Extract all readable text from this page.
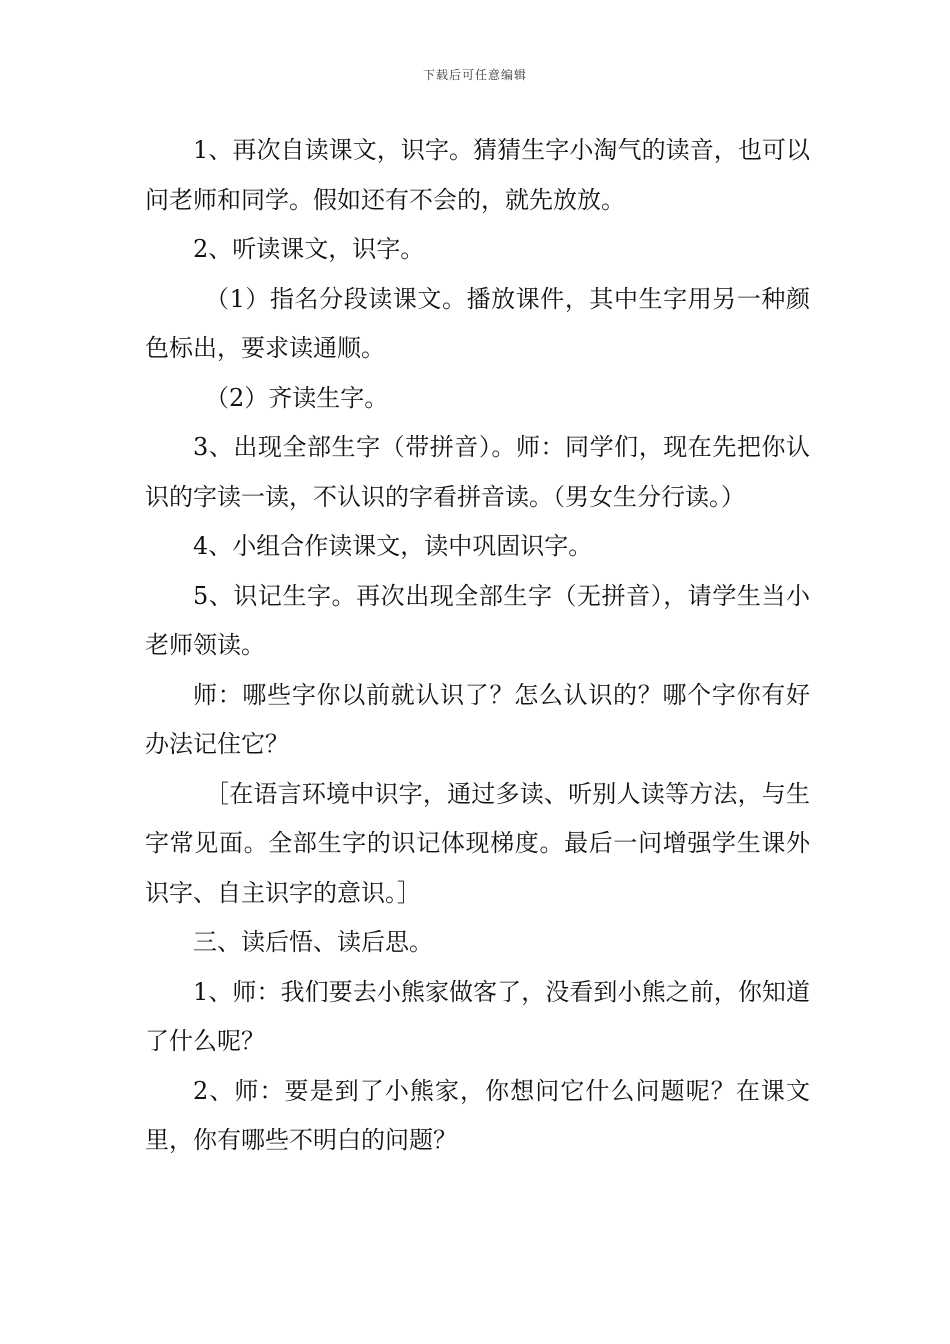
下载后可任意编辑

1、再次自读课文，识字。猜猜生字小淘气的读音，也可以问老师和同学。假如还有不会的，就先放放。

2、听读课文，识字。

（1）指名分段读课文。播放课件，其中生字用另一种颜色标出，要求读通顺。

（2）齐读生字。

3、出现全部生字（带拼音）。师：同学们，现在先把你认识的字读一读，不认识的字看拼音读。（男女生分行读。）

4、小组合作读课文，读中巩固识字。

5、识记生字。再次出现全部生字（无拼音），请学生当小老师领读。

师：哪些字你以前就认识了？怎么认识的？哪个字你有好办法记住它？

［在语言环境中识字，通过多读、听别人读等方法，与生字常见面。全部生字的识记体现梯度。最后一问增强学生课外识字、自主识字的意识。］

三、读后悟、读后思。

1、师：我们要去小熊家做客了，没看到小熊之前，你知道了什么呢？

2、师：要是到了小熊家，你想问它什么问题呢？在课文里，你有哪些不明白的问题？
